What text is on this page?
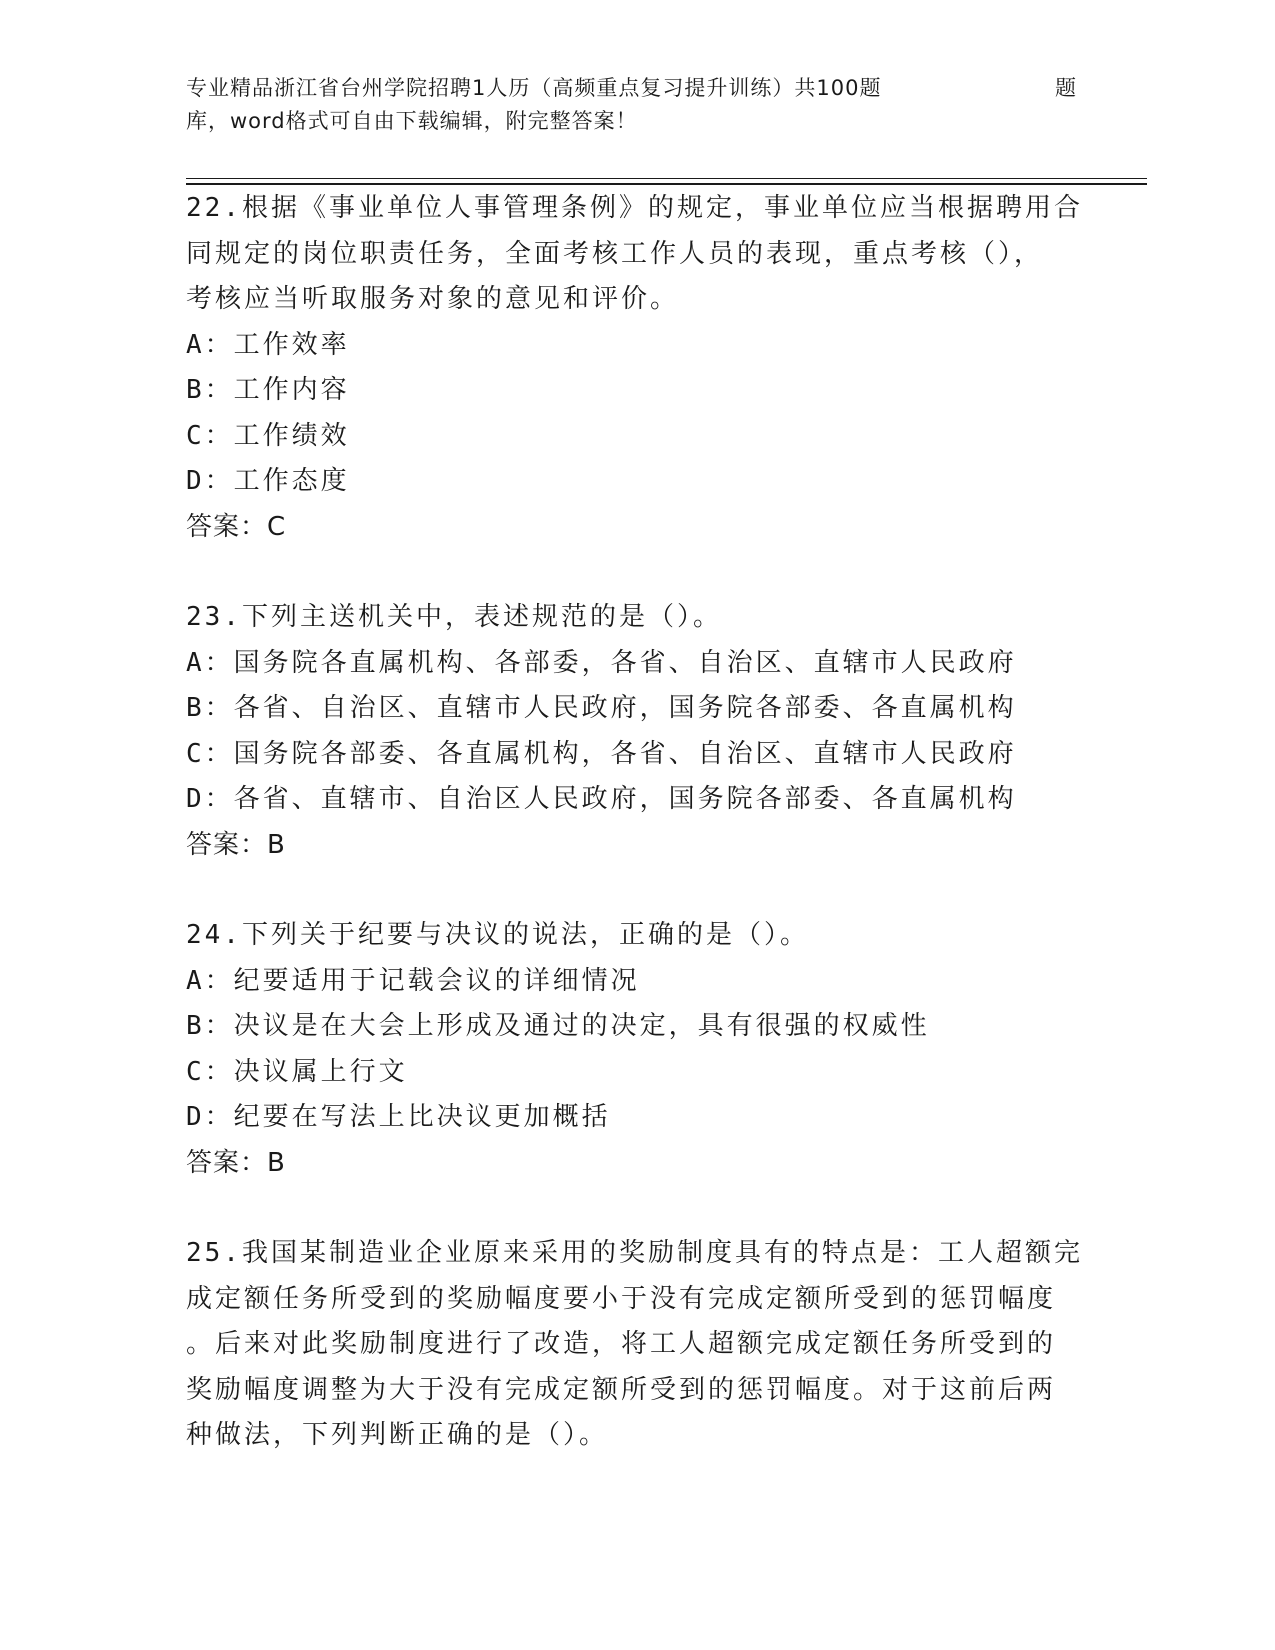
专业精品浙江省台州学院招聘1人历（高频重点复习提升训练）共100题	题
库，word格式可自由下载编辑，附完整答案！

22.根据《事业单位人事管理条例》的规定，事业单位应当根据聘用合

同规定的岗位职责任务，全面考核工作人员的表现，重点考核（），

考核应当听取服务对象的意见和评价。

A：工作效率

B：工作内容

C：工作绩效

D：工作态度

答案：C

23.下列主送机关中，表述规范的是（）。

A：国务院各直属机构、各部委，各省、自治区、直辖市人民政府

B：各省、自治区、直辖市人民政府，国务院各部委、各直属机构

C：国务院各部委、各直属机构，各省、自治区、直辖市人民政府

D：各省、直辖市、自治区人民政府，国务院各部委、各直属机构

答案：B

24.下列关于纪要与决议的说法，正确的是（）。

A：纪要适用于记载会议的详细情况

B：决议是在大会上形成及通过的决定，具有很强的权威性

C：决议属上行文

D：纪要在写法上比决议更加概括

答案：B

25.我国某制造业企业原来采用的奖励制度具有的特点是：工人超额完

成定额任务所受到的奖励幅度要小于没有完成定额所受到的惩罚幅度

。后来对此奖励制度进行了改造，将工人超额完成定额任务所受到的

奖励幅度调整为大于没有完成定额所受到的惩罚幅度。对于这前后两

种做法，下列判断正确的是（）。
